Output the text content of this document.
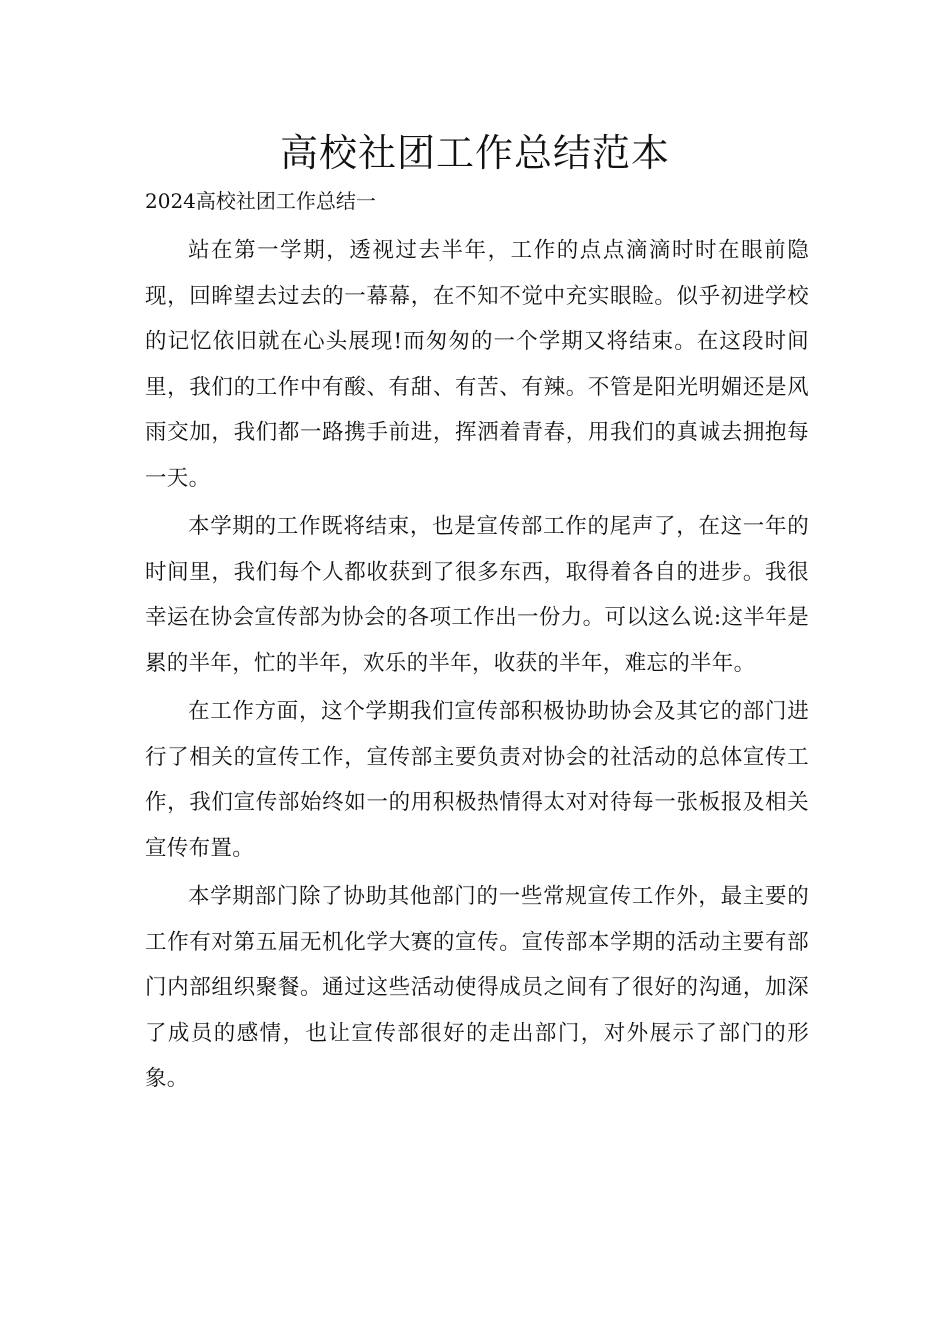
高校社团工作总结范本

2024高校社团工作总结一

站在第一学期，透视过去半年，工作的点点滴滴时时在眼前隐现，回眸望去过去的一幕幕，在不知不觉中充实眼睑。似乎初进学校的记忆依旧就在心头展现!而匆匆的一个学期又将结束。在这段时间里，我们的工作中有酸、有甜、有苦、有辣。不管是阳光明媚还是风雨交加，我们都一路携手前进，挥洒着青春，用我们的真诚去拥抱每一天。

本学期的工作既将结束，也是宣传部工作的尾声了，在这一年的时间里，我们每个人都收获到了很多东西，取得着各自的进步。我很幸运在协会宣传部为协会的各项工作出一份力。可以这么说:这半年是累的半年，忙的半年，欢乐的半年，收获的半年，难忘的半年。

在工作方面，这个学期我们宣传部积极协助协会及其它的部门进行了相关的宣传工作，宣传部主要负责对协会的社活动的总体宣传工作，我们宣传部始终如一的用积极热情得太对对待每一张板报及相关宣传布置。

本学期部门除了协助其他部门的一些常规宣传工作外，最主要的工作有对第五届无机化学大赛的宣传。宣传部本学期的活动主要有部门内部组织聚餐。通过这些活动使得成员之间有了很好的沟通，加深了成员的感情，也让宣传部很好的走出部门，对外展示了部门的形象。
